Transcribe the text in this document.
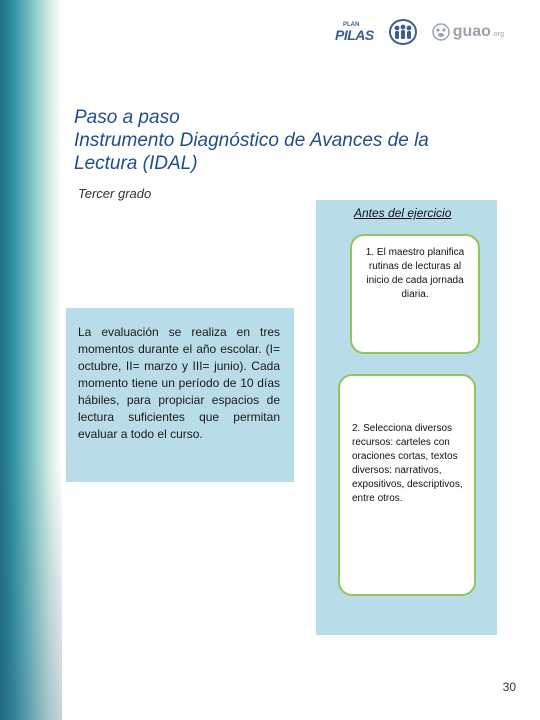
PLAN
PILAS	guao .org
Paso a paso
Instrumento Diagnóstico de Avances de la
Lectura (IDAL)
Tercer grado
Antes del ejercicio
1. El maestro planifica rutinas de lecturas al inicio de cada jornada diaria.
2. Selecciona diversos recursos: carteles con oraciones cortas, textos diversos: narrativos, expositivos, descriptivos, entre otros.
La evaluación se realiza en tres momentos durante el año escolar. (I= octubre, II= marzo y III= junio). Cada momento tiene un período de 10 días hábiles, para propiciar espacios de lectura suficientes que permitan evaluar a todo el curso.
30
